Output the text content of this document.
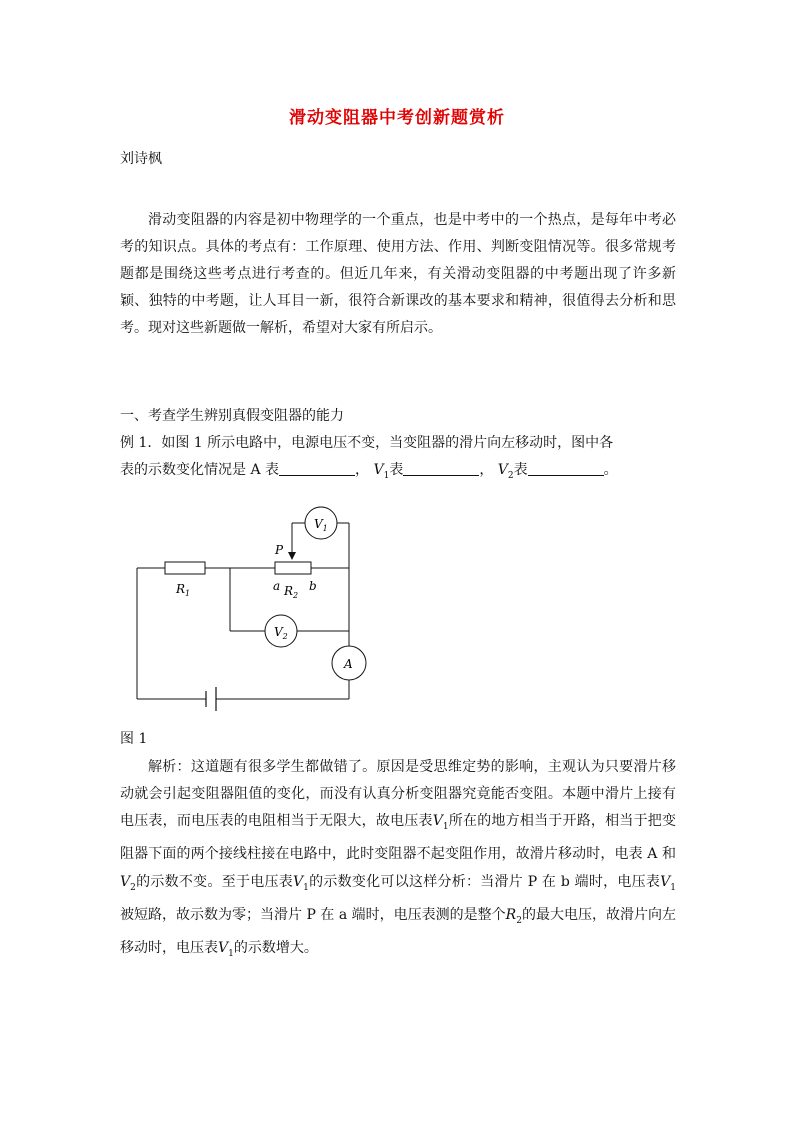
滑动变阻器中考创新题赏析
刘诗枫
滑动变阻器的内容是初中物理学的一个重点，也是中考中的一个热点，是每年中考必考的知识点。具体的考点有：工作原理、使用方法、作用、判断变阻情况等。很多常规考题都是围绕这些考点进行考查的。但近几年来，有关滑动变阻器的中考题出现了许多新颖、独特的中考题，让人耳目一新，很符合新课改的基本要求和精神，很值得去分析和思考。现对这些新题做一解析，希望对大家有所启示。
一、考查学生辨别真假变阻器的能力
例 1．如图 1 所示电路中，电源电压不变，当变阻器的滑片向左移动时，图中各
表的示数变化情况是 A 表	， $V_1$表	， $V_2$表	。
$V_1$
$V_2$
A
$R_1$	$R_2$
P
a b
图 1
解析：这道题有很多学生都做错了。原因是受思维定势的影响，主观认为只要滑片移动就会引起变阻器阻值的变化，而没有认真分析变阻器究竟能否变阻。本题中滑片上接有电压表，而电压表的电阻相当于无限大，故电压表$V_1$所在的地方相当于开路，相当于把变阻器下面的两个接线柱接在电路中，此时变阻器不起变阻作用，故滑片移动时，电表 A 和$V_2$的示数不变。至于电压表$V_1$的示数变化可以这样分析：当滑片 P 在 b 端时，电压表$V_1$被短路，故示数为零；当滑片 P 在 a 端时，电压表测的是整个$R_2$的最大电压，故滑片向左移动时，电压表$V_1$的示数增大。
